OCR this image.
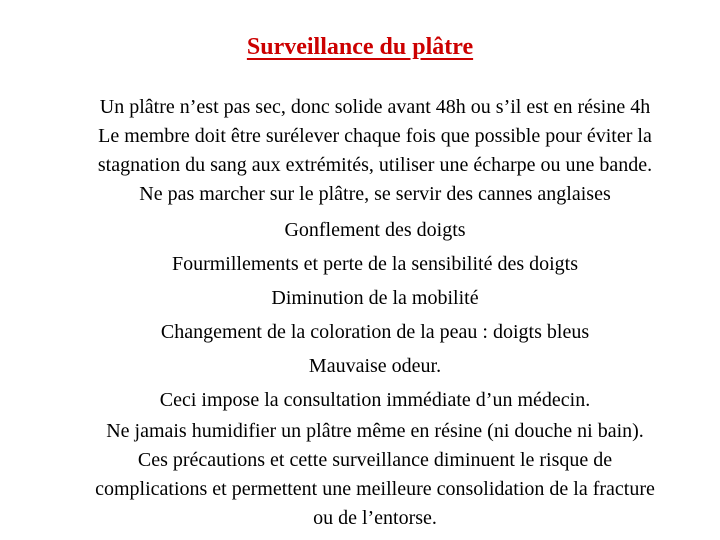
Surveillance du plâtre
Un plâtre n’est pas sec, donc solide avant 48h ou s’il est en résine 4h
Le membre doit être surélever chaque fois que possible pour éviter la
stagnation du sang aux extrémités, utiliser une écharpe ou une bande.
Ne pas marcher sur le plâtre, se servir des cannes anglaises
Gonflement des doigts
Fourmillements et perte de la sensibilité des doigts
Diminution de la mobilité
Changement de la coloration de la peau : doigts bleus
Mauvaise odeur.
Ceci impose la consultation immédiate d’un médecin.
Ne jamais humidifier un plâtre même en résine (ni douche ni bain).
Ces précautions et cette surveillance diminuent le risque de
complications et permettent une meilleure consolidation de la fracture
ou de l’entorse.
